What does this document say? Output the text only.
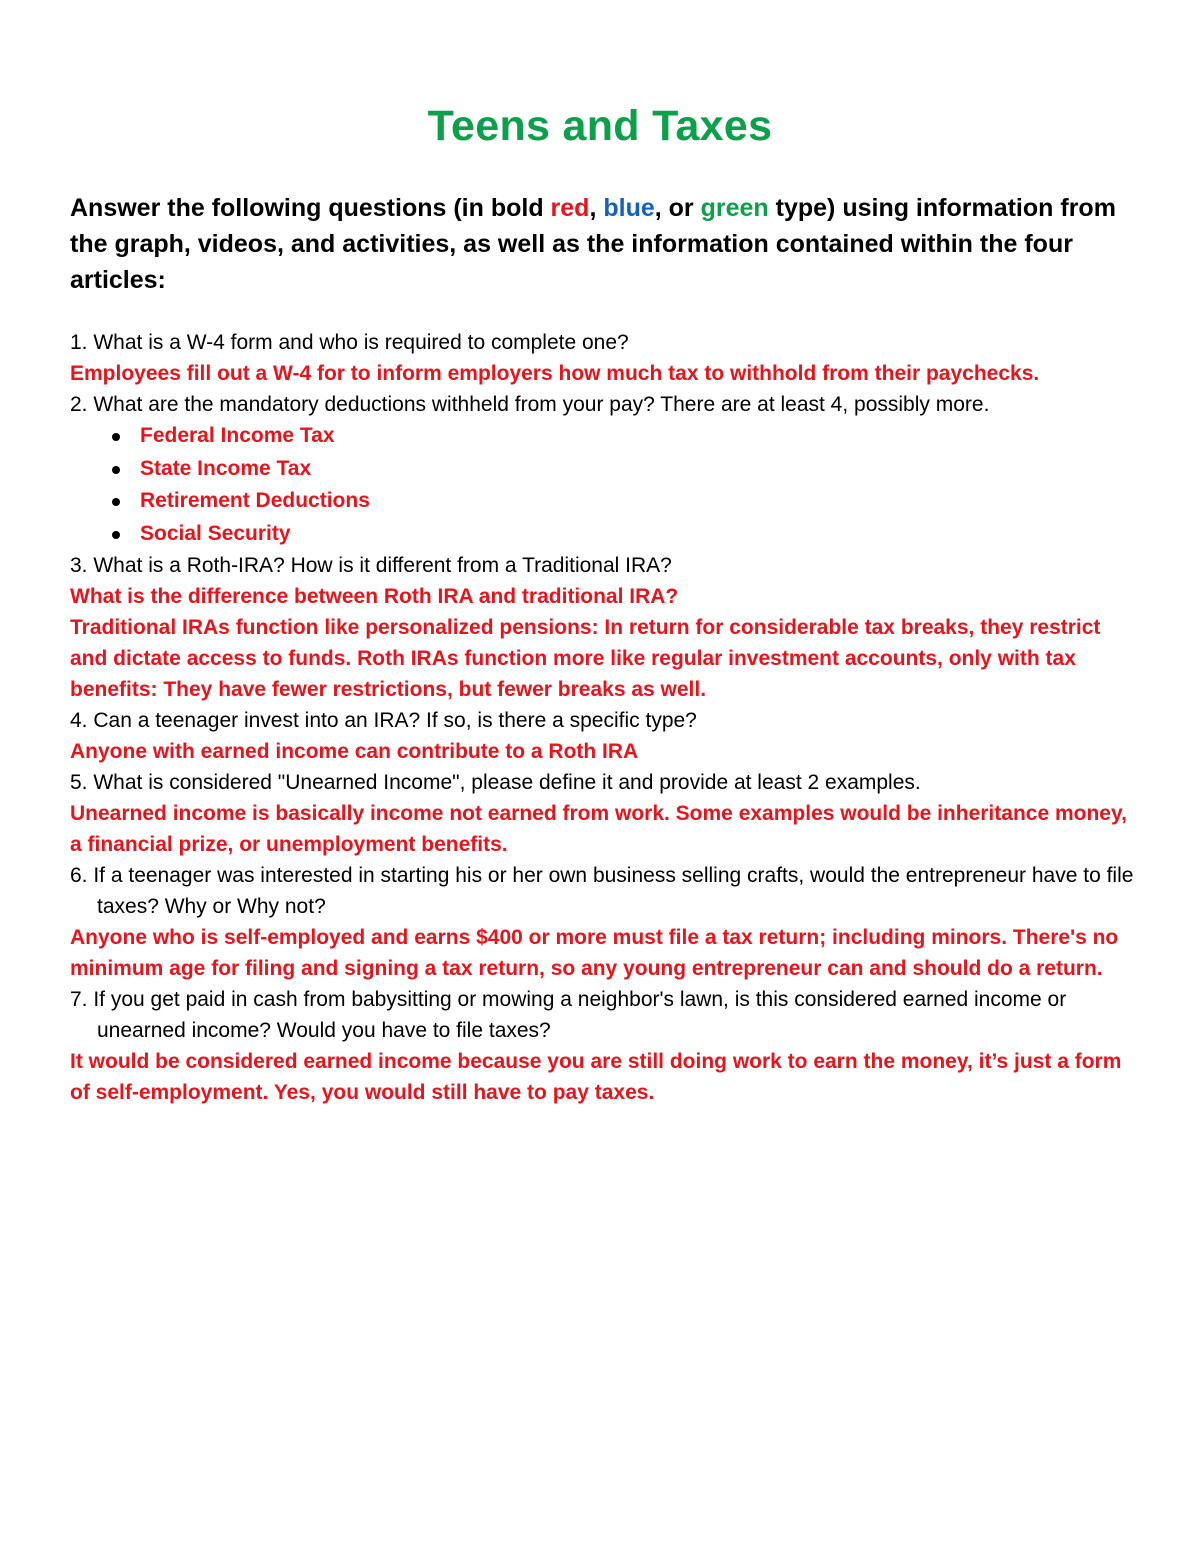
Teens and Taxes

Answer the following questions (in bold red, blue, or green type) using information from the graph, videos, and activities, as well as the information contained within the four articles:

1. What is a W-4 form and who is required to complete one?

Employees fill out a W-4 for to inform employers how much tax to withhold from their paychecks.

2. What are the mandatory deductions withheld from your pay? There are at least 4, possibly more.

Federal Income Tax
State Income Tax
Retirement Deductions
Social Security

3. What is a Roth-IRA? How is it different from a Traditional IRA?

What is the difference between Roth IRA and traditional IRA?

Traditional IRAs function like personalized pensions: In return for considerable tax breaks, they restrict and dictate access to funds. Roth IRAs function more like regular investment accounts, only with tax benefits: They have fewer restrictions, but fewer breaks as well.

4. Can a teenager invest into an IRA? If so, is there a specific type?

Anyone with earned income can contribute to a Roth IRA

5. What is considered "Unearned Income", please define it and provide at least 2 examples.

Unearned income is basically income not earned from work. Some examples would be inheritance money, a financial prize, or unemployment benefits.

6. If a teenager was interested in starting his or her own business selling crafts, would the entrepreneur have to file taxes? Why or Why not?

Anyone who is self-employed and earns $400 or more must file a tax return; including minors. There's no minimum age for filing and signing a tax return, so any young entrepreneur can and should do a return.

7. If you get paid in cash from babysitting or mowing a neighbor's lawn, is this considered earned income or unearned income? Would you have to file taxes?

It would be considered earned income because you are still doing work to earn the money, it’s just a form of self-employment. Yes, you would still have to pay taxes.
